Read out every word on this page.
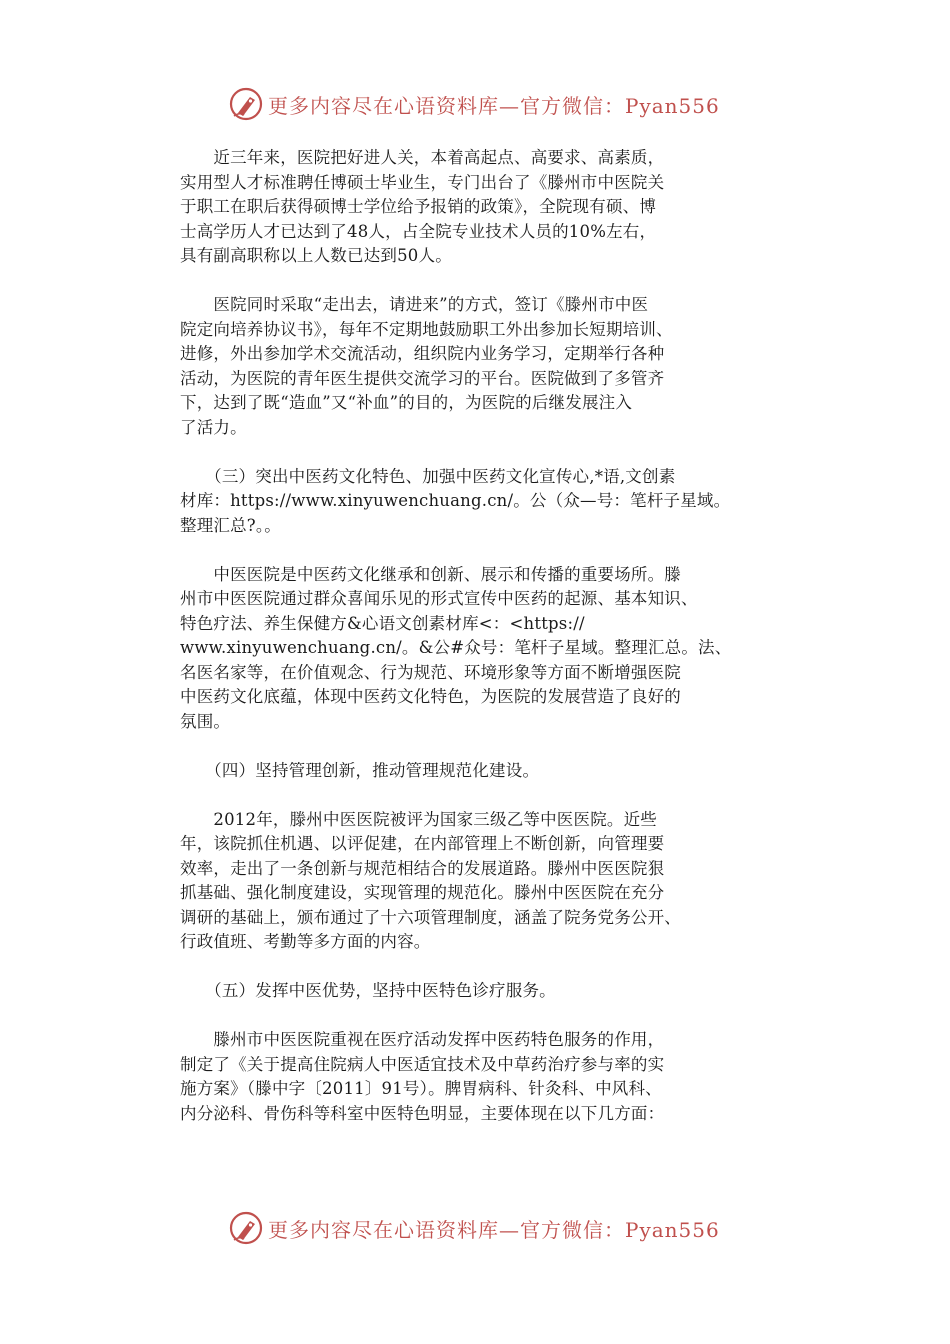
更多内容尽在心语资料库—官方微信：Pyan556

　　近三年来，医院把好进人关，本着高起点、高要求、高素质，

实用型人才标准聘任博硕士毕业生，专门出台了《滕州市中医院关

于职工在职后获得硕博士学位给予报销的政策》，全院现有硕、博

士高学历人才已达到了48人，占全院专业技术人员的10%左右，

具有副高职称以上人数已达到50人。

　　医院同时采取“走出去，请进来”的方式，签订《滕州市中医

院定向培养协议书》，每年不定期地鼓励职工外出参加长短期培训、

进修，外出参加学术交流活动，组织院内业务学习，定期举行各种

活动，为医院的青年医生提供交流学习的平台。医院做到了多管齐

下，达到了既“造血”又“补血”的目的，为医院的后继发展注入

了活力。

　　（三）突出中医药文化特色、加强中医药文化宣传心,*语,文创素

材库：https://www.xinyuwenchuang.cn/。公（众—号：笔杆子星域。

整理汇总?。。

　　中医医院是中医药文化继承和创新、展示和传播的重要场所。滕

州市中医医院通过群众喜闻乐见的形式宣传中医药的起源、基本知识、

特色疗法、养生保健方&心语文创素材库<：<https://

www.xinyuwenchuang.cn/。&公#众号：笔杆子星域。整理汇总。法、

名医名家等，在价值观念、行为规范、环境形象等方面不断增强医院

中医药文化底蕴，体现中医药文化特色，为医院的发展营造了良好的

氛围。

　　（四）坚持管理创新，推动管理规范化建设。

　　2012年，滕州中医医院被评为国家三级乙等中医医院。近些

年，该院抓住机遇、以评促建，在内部管理上不断创新，向管理要

效率，走出了一条创新与规范相结合的发展道路。滕州中医医院狠

抓基础、强化制度建设，实现管理的规范化。滕州中医医院在充分

调研的基础上，颁布通过了十六项管理制度，涵盖了院务党务公开、

行政值班、考勤等多方面的内容。

　　（五）发挥中医优势，坚持中医特色诊疗服务。

　　滕州市中医医院重视在医疗活动发挥中医药特色服务的作用，

制定了《关于提高住院病人中医适宜技术及中草药治疗参与率的实

施方案》（滕中字〔2011〕91号）。脾胃病科、针灸科、中风科、

内分泌科、骨伤科等科室中医特色明显，主要体现在以下几方面：

更多内容尽在心语资料库—官方微信：Pyan556
